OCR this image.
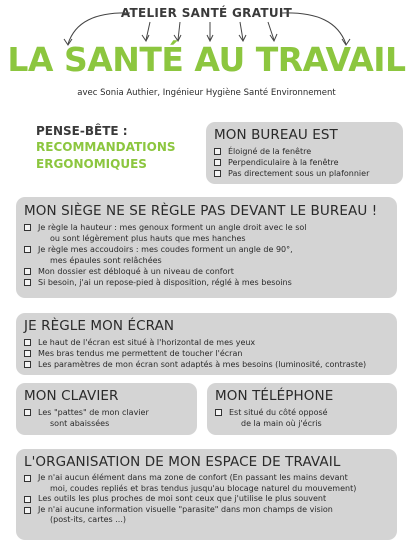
ATELIER SANTÉ GRATUIT
LA SANTÉ AU TRAVAIL
avec Sonia Authier, Ingénieur Hygiène Santé Environnement
PENSE-BÊTE :
RECOMMANDATIONS ERGONOMIQUES
MON BUREAU EST
Éloigné de la fenêtre
Perpendiculaire à la fenêtre
Pas directement sous un plafonnier
MON SIÈGE NE SE RÈGLE PAS DEVANT LE BUREAU !
Je règle la hauteur : mes genoux forment un angle droit avec le sol
ou sont légèrement plus hauts que mes hanches
Je règle mes accoudoirs : mes coudes forment un angle de 90°,
mes épaules sont relâchées
Mon dossier est débloqué à un niveau de confort
Si besoin, j'ai un repose-pied à disposition, réglé à mes besoins
JE RÈGLE MON ÉCRAN
Le haut de l'écran est situé à l'horizontal de mes yeux
Mes bras tendus me permettent de toucher l'écran
Les paramètres de mon écran sont adaptés à mes besoins (luminosité, contraste)
MON CLAVIER
Les "pattes" de mon clavier
sont abaissées
MON TÉLÉPHONE
Est situé du côté opposé
de la main où j'écris
L'ORGANISATION DE MON ESPACE DE TRAVAIL
Je n'ai aucun élément dans ma zone de confort (En passant les mains devant
moi, coudes repliés et bras tendus jusqu'au blocage naturel du mouvement)
Les outils les plus proches de moi sont ceux que j'utilise le plus souvent
Je n'ai aucune information visuelle "parasite" dans mon champs de vision
(post-its, cartes ...)
